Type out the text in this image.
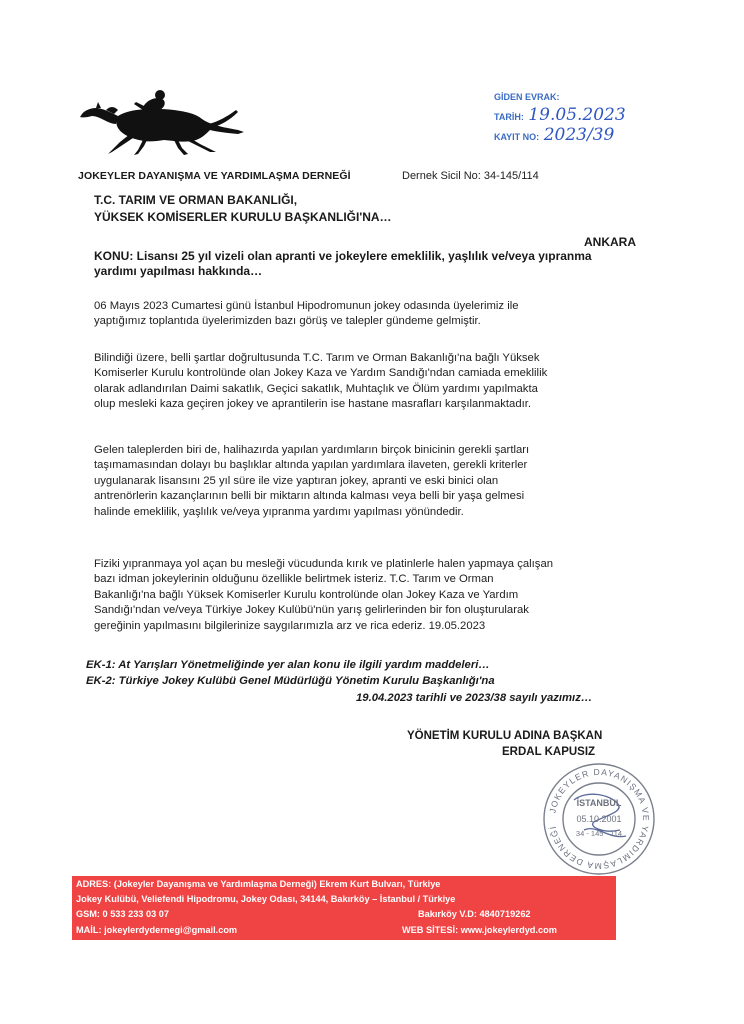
JOKEYLER DAYANIŞMA VE YARDIMLAŞMA DERNEĞİ	Dernek Sicil No: 34-145/114
GİDEN EVRAK:
TARİH: 19.05.2023
KAYIT NO: 2023/39
T.C. TARIM VE ORMAN BAKANLIĞI,
YÜKSEK KOMİSERLER KURULU BAŞKANLIĞI'NA…
ANKARA
KONU: Lisansı 25 yıl vizeli olan apranti ve jokeylere emeklilik, yaşlılık ve/veya yıpranma yardımı yapılması hakkında…
06 Mayıs 2023 Cumartesi günü İstanbul Hipodromunun jokey odasında üyelerimiz ile
yaptığımız toplantıda üyelerimizden bazı görüş ve talepler gündeme gelmiştir.
Bilindiği üzere, belli şartlar doğrultusunda T.C. Tarım ve Orman Bakanlığı'na bağlı Yüksek
Komiserler Kurulu kontrolünde olan Jokey Kaza ve Yardım Sandığı'ndan camiada emeklilik
olarak adlandırılan Daimi sakatlık, Geçici sakatlık, Muhtaçlık ve Ölüm yardımı yapılmakta
olup mesleki kaza geçiren jokey ve aprantilerin ise hastane masrafları karşılanmaktadır.
Gelen taleplerden biri de, halihazırda yapılan yardımların birçok binicinin gerekli şartları
taşımamasından dolayı bu başlıklar altında yapılan yardımlara ilaveten, gerekli kriterler
uygulanarak lisansını 25 yıl süre ile vize yaptıran jokey, apranti ve eski binici olan
antrenörlerin kazançlarının belli bir miktarın altında kalması veya belli bir yaşa gelmesi
halinde emeklilik, yaşlılık ve/veya yıpranma yardımı yapılması yönündedir.
Fiziki yıpranmaya yol açan bu mesleği vücudunda kırık ve platinlerle halen yapmaya çalışan
bazı idman jokeylerinin olduğunu özellikle belirtmek isteriz. T.C. Tarım ve Orman
Bakanlığı'na bağlı Yüksek Komiserler Kurulu kontrolünde olan Jokey Kaza ve Yardım
Sandığı'ndan ve/veya Türkiye Jokey Kulübü'nün yarış gelirlerinden bir fon oluşturularak
gereğinin yapılmasını bilgilerinize saygılarımızla arz ve rica ederiz. 19.05.2023
EK-1: At Yarışları Yönetmeliğinde yer alan konu ile ilgili yardım maddeleri…
EK-2: Türkiye Jokey Kulübü Genel Müdürlüğü Yönetim Kurulu Başkanlığı'na
19.04.2023 tarihli ve 2023/38 sayılı yazımız…
YÖNETİM KURULU ADINA BAŞKAN
ERDAL KAPUSIZ
JOKEYLER DAYANIŞMA VE YARDIMLAŞMA DERNEĞİ
İSTANBUL
05.10.2001
34 - 145 - 114
ADRES: (Jokeyler Dayanışma ve Yardımlaşma Derneği) Ekrem Kurt Bulvarı, Türkiye
Jokey Kulübü, Veliefendi Hipodromu, Jokey Odası, 34144, Bakırköy – İstanbul / Türkiye
GSM: 0 533 233 03 07	Bakırköy V.D: 4840719262
MAİL: jokeylerdydernegi@gmail.com	WEB SİTESİ: www.jokeylerdyd.com
